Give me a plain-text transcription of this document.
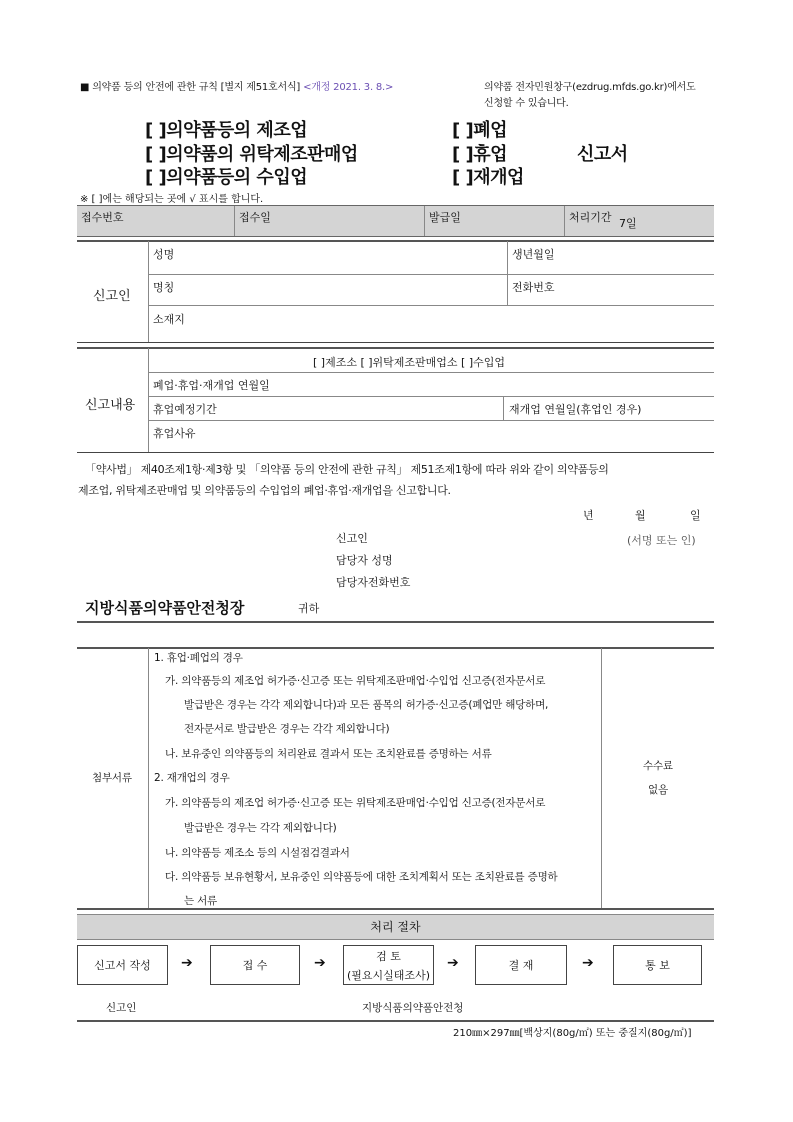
■ 의약품 등의 안전에 관한 규칙 [별지 제51호서식] <개정 2021. 3. 8.>	의약품 전자민원창구(ezdrug.mfds.go.kr)에서도
신청할 수 있습니다.
[ ]의약품등의 제조업
[ ]의약품의 위탁제조판매업
[ ]의약품등의 수입업
[ ]폐업
[ ]휴업
[ ]재개업
신고서
※ [ ]에는 해당되는 곳에 √ 표시를 합니다.
접수번호	접수일	발급일	처리기간 7일
신고인
성명	생년월일
명칭	전화번호
소재지
신고내용
[ ]제조소 [ ]위탁제조판매업소 [ ]수입업
폐업·휴업·재개업 연월일
휴업예정기간	재개업 연월일(휴업인 경우)
휴업사유
「약사법」 제40조제1항·제3항 및 「의약품 등의 안전에 관한 규칙」 제51조제1항에 따라 위와 같이 의약품등의
제조업, 위탁제조판매업 및 의약품등의 수입업의 폐업·휴업·재개업을 신고합니다.
년	월	일
신고인	(서명 또는 인)
담당자 성명
담당자전화번호
지방식품의약품안전청장	귀하
첨부서류
수수료
없음
1. 휴업·폐업의 경우
가. 의약품등의 제조업 허가증·신고증 또는 위탁제조판매업·수입업 신고증(전자문서로
발급받은 경우는 각각 제외합니다)과 모든 품목의 허가증·신고증(폐업만 해당하며,
전자문서로 발급받은 경우는 각각 제외합니다)
나. 보유중인 의약품등의 처리완료 결과서 또는 조치완료를 증명하는 서류
2. 재개업의 경우
가. 의약품등의 제조업 허가증·신고증 또는 위탁제조판매업·수입업 신고증(전자문서로
발급받은 경우는 각각 제외합니다)
나. 의약품등 제조소 등의 시설점검결과서
다. 의약품등 보유현황서, 보유중인 의약품등에 대한 조치계획서 또는 조치완료를 증명하
는 서류
처리 절차
신고서 작성	➔	접 수	➔	검 토
(필요시실태조사)
➔	결 재	➔	통 보
신고인	지방식품의약품안전청
210㎜×297㎜[백상지(80g/㎡) 또는 중질지(80g/㎡)]
